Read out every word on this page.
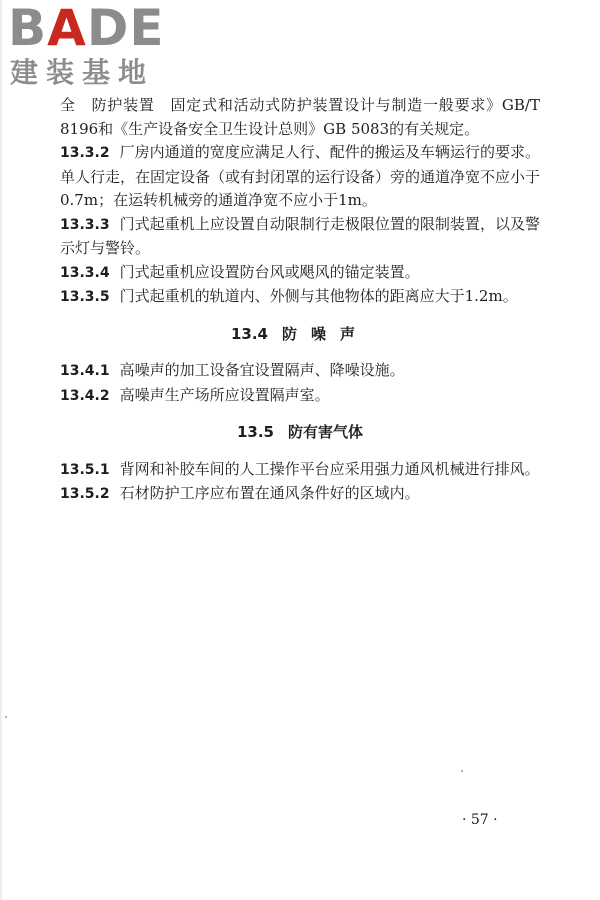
BADE
建装基地

全　防护装置　固定式和活动式防护装置设计与制造一般要求》GB/T 8196和《生产设备安全卫生设计总则》GB 5083的有关规定。

13.3.2 厂房内通道的宽度应满足人行、配件的搬运及车辆运行的要求。单人行走，在固定设备（或有封闭罩的运行设备）旁的通道净宽不应小于0.7m；在运转机械旁的通道净宽不应小于1m。

13.3.3 门式起重机上应设置自动限制行走极限位置的限制装置，以及警示灯与警铃。

13.3.4 门式起重机应设置防台风或飓风的锚定装置。

13.3.5 门式起重机的轨道内、外侧与其他物体的距离应大于1.2m。

13.4 防噪声

13.4.1 高噪声的加工设备宜设置隔声、降噪设施。

13.4.2 高噪声生产场所应设置隔声室。

13.5 防有害气体

13.5.1 背网和补胶车间的人工操作平台应采用强力通风机械进行排风。

13.5.2 石材防护工序应布置在通风条件好的区域内。

· 57 ·
